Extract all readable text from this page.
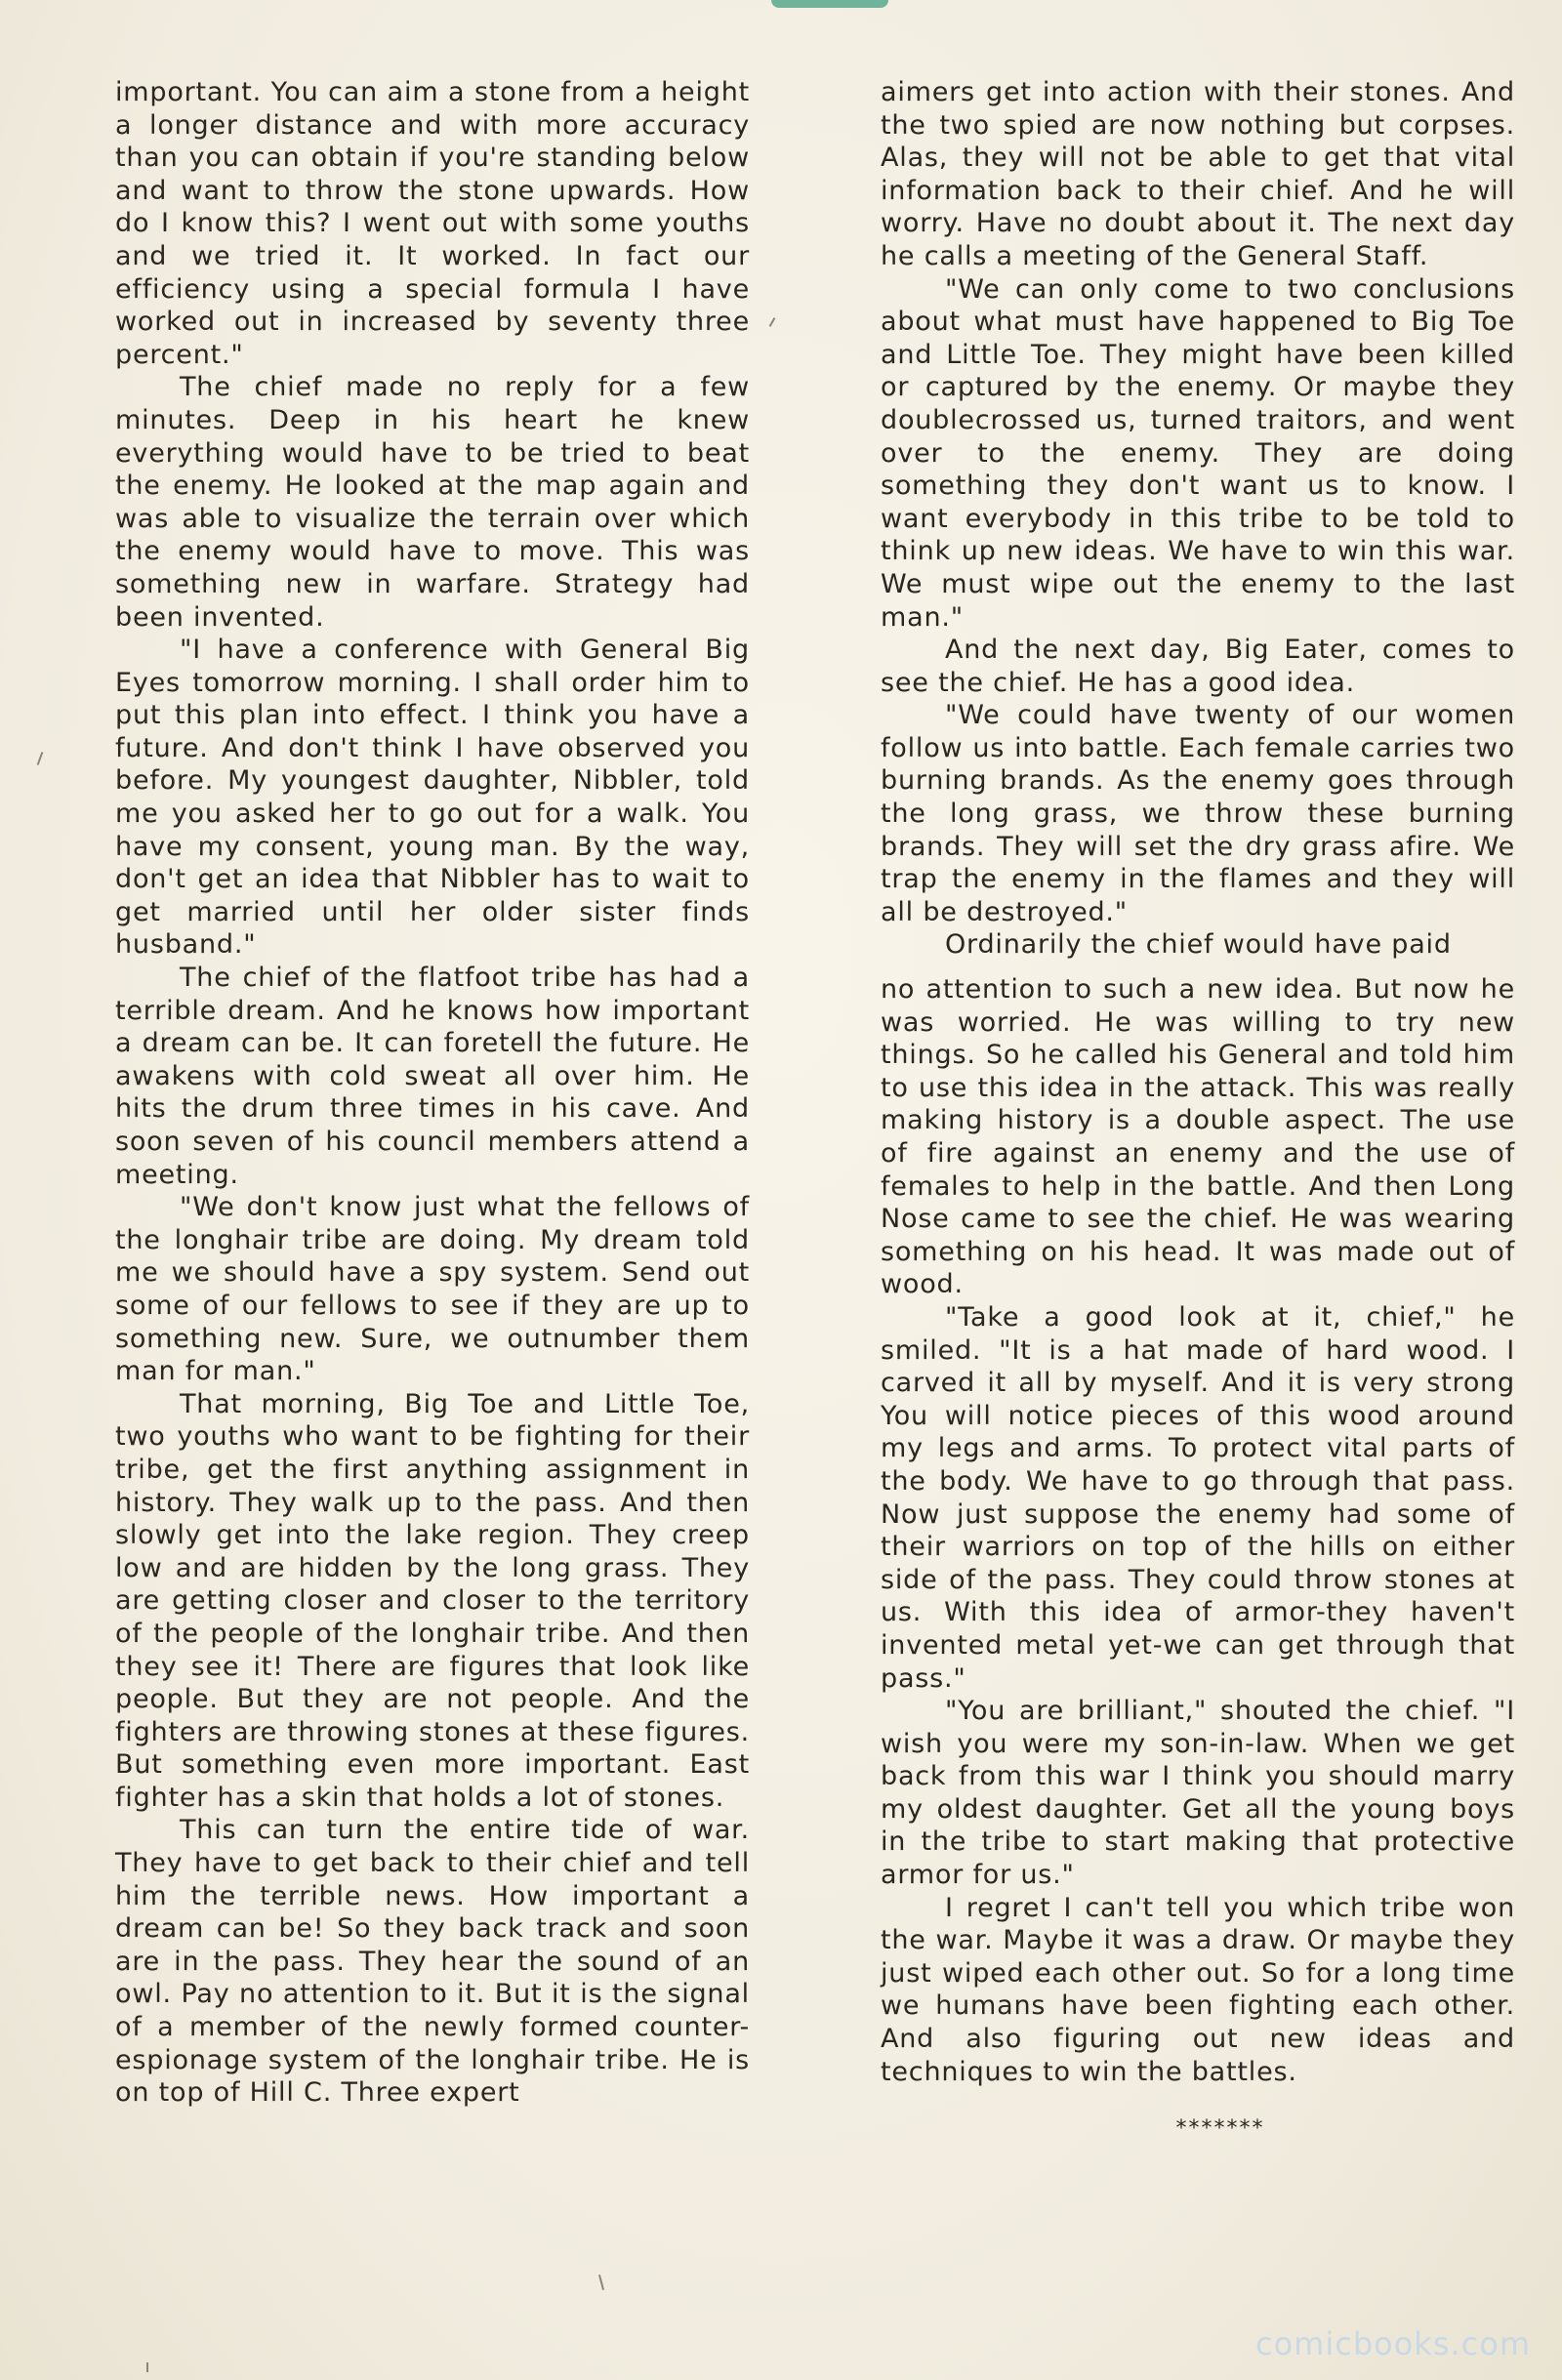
important. You can aim a stone from a height a longer distance and with more accuracy than you can obtain if you're standing below and want to throw the stone upwards. How do I know this? I went out with some youths and we tried it. It worked. In fact our efficiency using a special formula I have worked out in increased by seventy three percent."

The chief made no reply for a few minutes. Deep in his heart he knew everything would have to be tried to beat the enemy. He looked at the map again and was able to visualize the terrain over which the enemy would have to move. This was something new in warfare. Strategy had been invented.

"I have a conference with General Big Eyes tomorrow morning. I shall order him to put this plan into effect. I think you have a future. And don't think I have observed you before. My youngest daughter, Nibbler, told me you asked her to go out for a walk. You have my consent, young man. By the way, don't get an idea that Nibbler has to wait to get married until her older sister finds husband."

The chief of the flatfoot tribe has had a terrible dream. And he knows how important a dream can be. It can foretell the future. He awakens with cold sweat all over him. He hits the drum three times in his cave. And soon seven of his council members attend a meeting.

"We don't know just what the fellows of the longhair tribe are doing. My dream told me we should have a spy system. Send out some of our fellows to see if they are up to something new. Sure, we outnumber them man for man."

That morning, Big Toe and Little Toe, two youths who want to be fighting for their tribe, get the first anything assignment in history. They walk up to the pass. And then slowly get into the lake region. They creep low and are hidden by the long grass. They are getting closer and closer to the territory of the people of the longhair tribe. And then they see it! There are figures that look like people. But they are not people. And the fighters are throwing stones at these figures. But something even more important. East fighter has a skin that holds a lot of stones.

This can turn the entire tide of war. They have to get back to their chief and tell him the terrible news. How important a dream can be! So they back track and soon are in the pass. They hear the sound of an owl. Pay no attention to it. But it is the signal of a member of the newly formed counter-espionage system of the longhair tribe. He is on top of Hill C. Three expert

aimers get into action with their stones. And the two spied are now nothing but corpses. Alas, they will not be able to get that vital information back to their chief. And he will worry. Have no doubt about it. The next day he calls a meeting of the General Staff.

"We can only come to two conclusions about what must have happened to Big Toe and Little Toe. They might have been killed or captured by the enemy. Or maybe they doublecrossed us, turned traitors, and went over to the enemy. They are doing something they don't want us to know. I want everybody in this tribe to be told to think up new ideas. We have to win this war. We must wipe out the enemy to the last man."

And the next day, Big Eater, comes to see the chief. He has a good idea.

"We could have twenty of our women follow us into battle. Each female carries two burning brands. As the enemy goes through the long grass, we throw these burning brands. They will set the dry grass afire. We trap the enemy in the flames and they will all be destroyed."

Ordinarily the chief would have paid

no attention to such a new idea. But now he was worried. He was willing to try new things. So he called his General and told him to use this idea in the attack. This was really making history is a double aspect. The use of fire against an enemy and the use of females to help in the battle. And then Long Nose came to see the chief. He was wearing something on his head. It was made out of wood.

"Take a good look at it, chief," he smiled. "It is a hat made of hard wood. I carved it all by myself. And it is very strong You will notice pieces of this wood around my legs and arms. To protect vital parts of the body. We have to go through that pass. Now just suppose the enemy had some of their warriors on top of the hills on either side of the pass. They could throw stones at us. With this idea of armor-they haven't invented metal yet-we can get through that pass."

"You are brilliant," shouted the chief. "I wish you were my son-in-law. When we get back from this war I think you should marry my oldest daughter. Get all the young boys in the tribe to start making that protective armor for us."

I regret I can't tell you which tribe won the war. Maybe it was a draw. Or maybe they just wiped each other out. So for a long time we humans have been fighting each other. And also figuring out new ideas and techniques to win the battles.

*******
comicbooks.com
